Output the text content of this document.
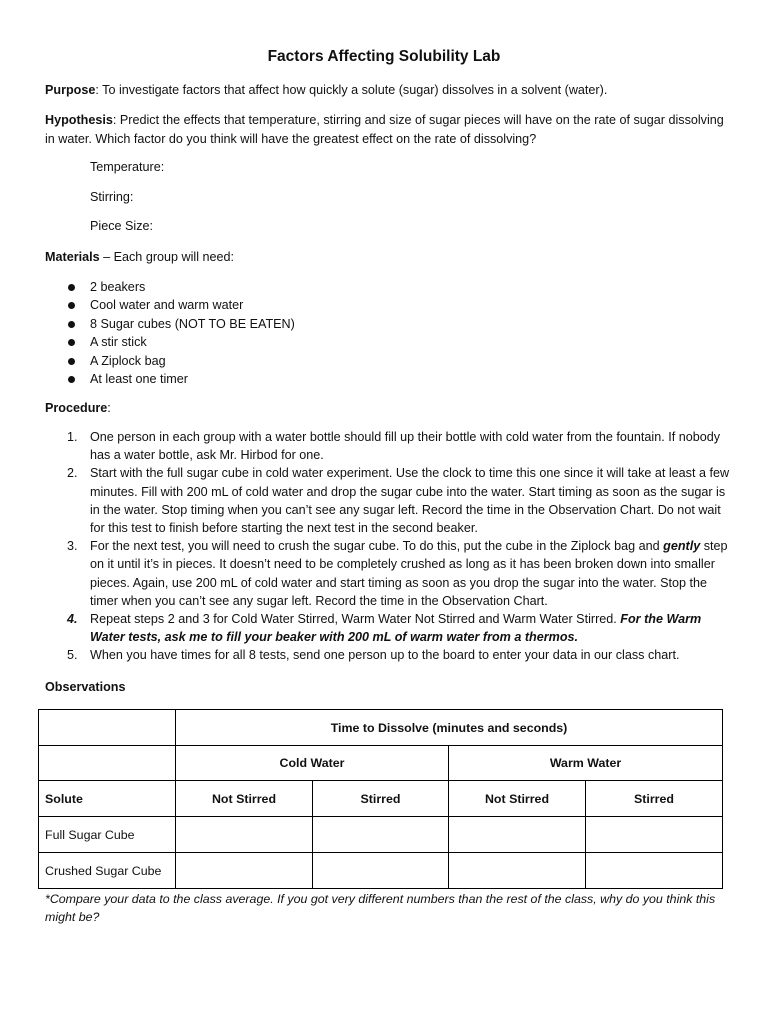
Factors Affecting Solubility Lab
Purpose: To investigate factors that affect how quickly a solute (sugar) dissolves in a solvent (water).
Hypothesis: Predict the effects that temperature, stirring and size of sugar pieces will have on the rate of sugar dissolving in water. Which factor do you think will have the greatest effect on the rate of dissolving?
Temperature:
Stirring:
Piece Size:
Materials – Each group will need:
2 beakers
Cool water and warm water
8 Sugar cubes (NOT TO BE EATEN)
A stir stick
A Ziplock bag
At least one timer
Procedure:
1. One person in each group with a water bottle should fill up their bottle with cold water from the fountain. If nobody has a water bottle, ask Mr. Hirbod for one.
2. Start with the full sugar cube in cold water experiment. Use the clock to time this one since it will take at least a few minutes. Fill with 200 mL of cold water and drop the sugar cube into the water. Start timing as soon as the sugar is in the water. Stop timing when you can’t see any sugar left. Record the time in the Observation Chart. Do not wait for this test to finish before starting the next test in the second beaker.
3. For the next test, you will need to crush the sugar cube. To do this, put the cube in the Ziplock bag and gently step on it until it’s in pieces. It doesn’t need to be completely crushed as long as it has been broken down into smaller pieces. Again, use 200 mL of cold water and start timing as soon as you drop the sugar into the water. Stop the timer when you can’t see any sugar left. Record the time in the Observation Chart.
4. Repeat steps 2 and 3 for Cold Water Stirred, Warm Water Not Stirred and Warm Water Stirred. For the Warm Water tests, ask me to fill your beaker with 200 mL of warm water from a thermos.
5. When you have times for all 8 tests, send one person up to the board to enter your data in our class chart.
Observations
	Time to Dissolve (minutes and seconds)			
	Cold Water		Warm Water	
Solute	Not Stirred	Stirred	Not Stirred	Stirred
Full Sugar Cube				
Crushed Sugar Cube				
*Compare your data to the class average. If you got very different numbers than the rest of the class, why do you think this might be?
